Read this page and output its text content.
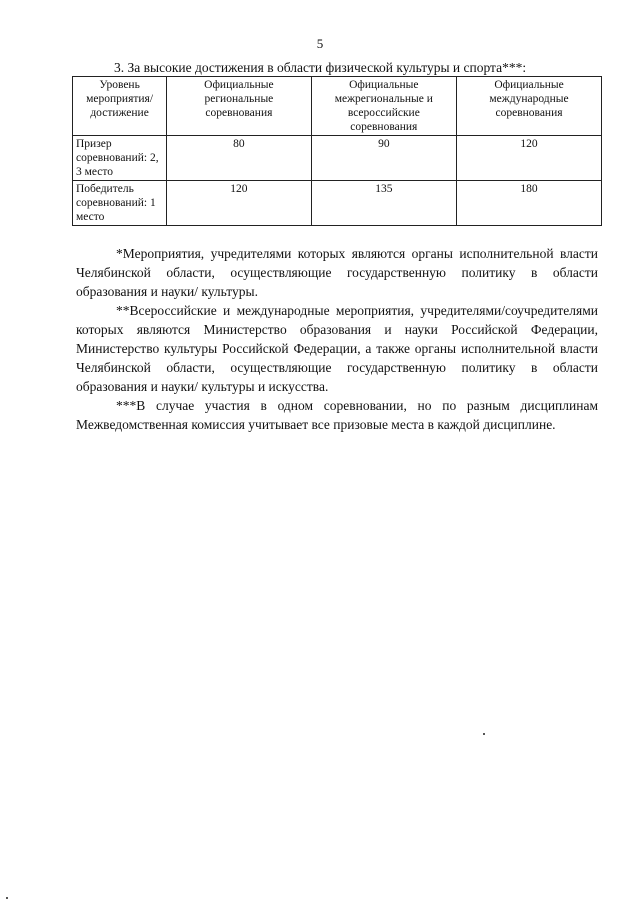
5
3. За высокие достижения в области физической культуры и спорта***:
Уровень мероприятия/ достижение	Официальные региональные соревнования	Официальные межрегиональные и всероссийские соревнования	Официальные международные соревнования
Призер соревнований: 2, 3 место	80	90	120
Победитель соревнований: 1 место	120	135	180

*Мероприятия, учредителями которых являются органы исполнительной власти Челябинской области, осуществляющие государственную политику в области образования и науки/ культуры.

**Всероссийские и международные мероприятия, учредителями/соучредителями которых являются Министерство образования и науки Российской Федерации, Министерство культуры Российской Федерации, а также органы исполнительной власти Челябинской области, осуществляющие государственную политику в области образования и науки/ культуры и искусства.

***В случае участия в одном соревновании, но по разным дисциплинам Межведомственная комиссия учитывает все призовые места в каждой дисциплине.
